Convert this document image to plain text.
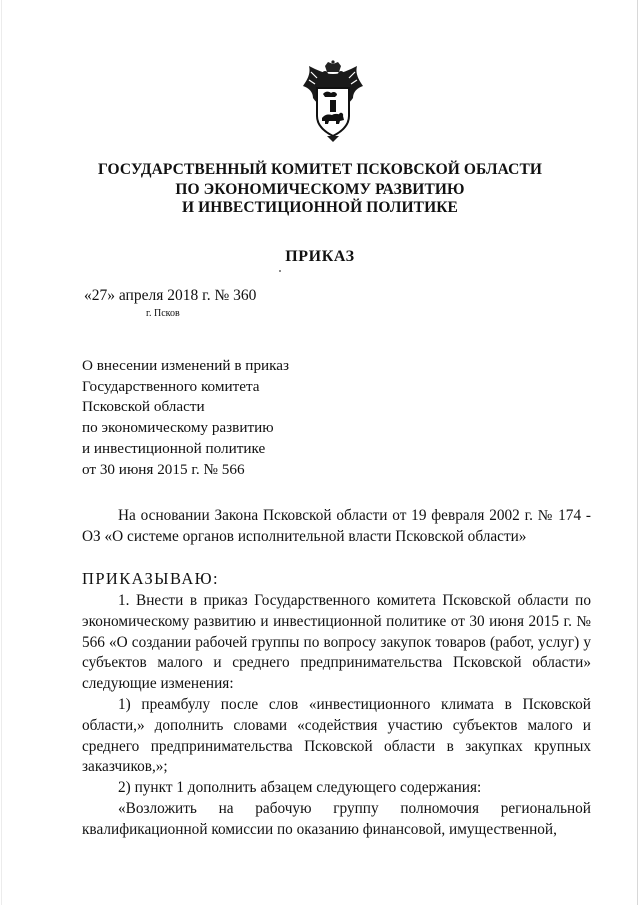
ГОСУДАРСТВЕННЫЙ КОМИТЕТ ПСКОВСКОЙ ОБЛАСТИ
ПО ЭКОНОМИЧЕСКОМУ РАЗВИТИЮ
И ИНВЕСТИЦИОННОЙ ПОЛИТИКЕ
ПРИКАЗ
«27» апреля 2018 г. № 360
г. Псков
О внесении изменений в приказ
Государственного комитета
Псковской области
по экономическому развитию
и инвестиционной политике
от 30 июня 2015 г. № 566
На основании Закона Псковской области от 19 февраля 2002 г. № 174 - ОЗ «О системе органов исполнительной власти Псковской области»
ПРИКАЗЫВАЮ:
1. Внести в приказ Государственного комитета Псковской области по экономическому развитию и инвестиционной политике от 30 июня 2015 г. № 566 «О создании рабочей группы по вопросу закупок товаров (работ, услуг) у субъектов малого и среднего предпринимательства Псковской области» следующие изменения:
1) преамбулу после слов «инвестиционного климата в Псковской области,» дополнить словами «содействия участию субъектов малого и среднего предпринимательства Псковской области в закупках крупных заказчиков,»;
2) пункт 1 дополнить абзацем следующего содержания:
«Возложить на рабочую группу полномочия региональной квалификационной комиссии по оказанию финансовой, имущественной,
